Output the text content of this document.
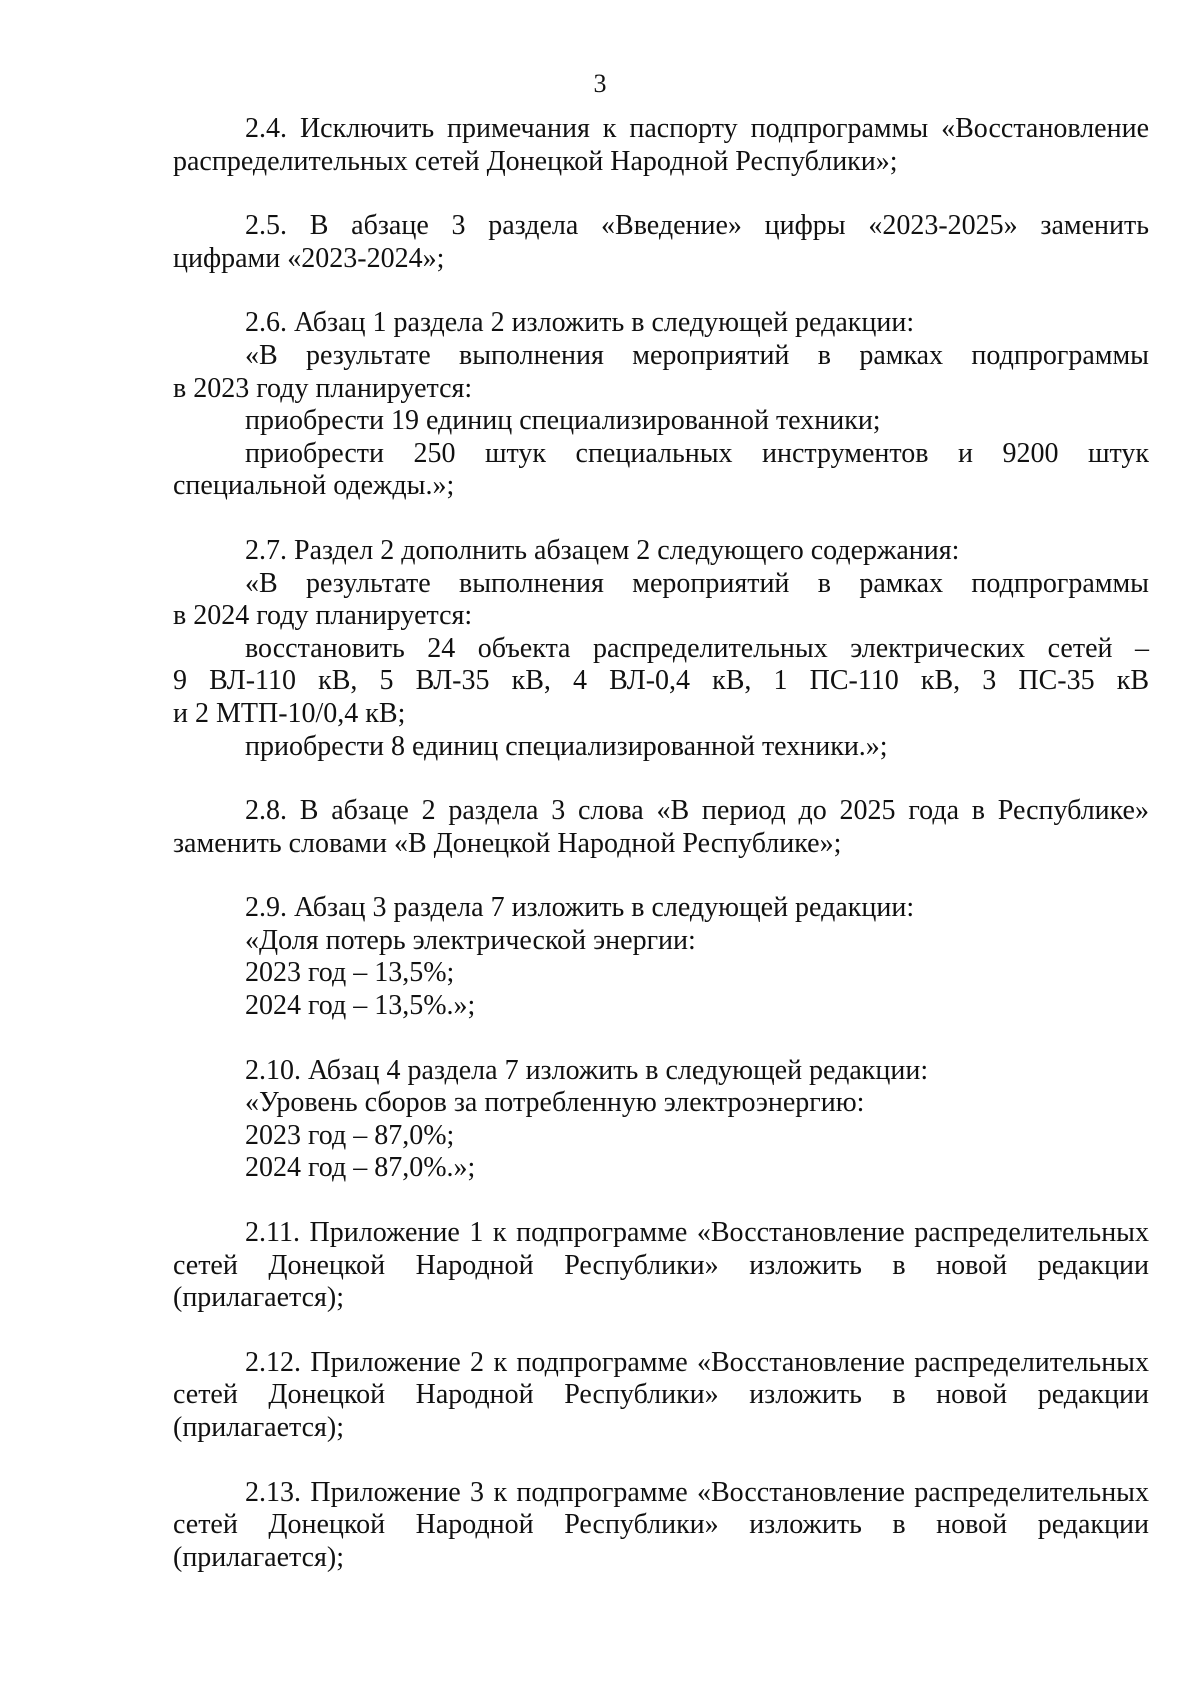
3

2.4. Исключить примечания к паспорту подпрограммы «Восстановление

распределительных сетей Донецкой Народной Республики»;

2.5. В абзаце 3 раздела «Введение» цифры «2023-2025» заменить

цифрами «2023-2024»;

2.6. Абзац 1 раздела 2 изложить в следующей редакции:

«В результате выполнения мероприятий в рамках подпрограммы

в 2023 году планируется:

приобрести 19 единиц специализированной техники;

приобрести 250 штук специальных инструментов и 9200 штук

специальной одежды.»;

2.7. Раздел 2 дополнить абзацем 2 следующего содержания:

«В результате выполнения мероприятий в рамках подпрограммы

в 2024 году планируется:

восстановить 24 объекта распределительных электрических сетей –

9 ВЛ-110 кВ, 5 ВЛ-35 кВ, 4 ВЛ-0,4 кВ, 1 ПС-110 кВ, 3 ПС-35 кВ

и 2 МТП-10/0,4 кВ;

приобрести 8 единиц специализированной техники.»;

2.8. В абзаце 2 раздела 3 слова «В период до 2025 года в Республике»

заменить словами «В Донецкой Народной Республике»;

2.9. Абзац 3 раздела 7 изложить в следующей редакции:

«Доля потерь электрической энергии:

2023 год – 13,5%;

2024 год – 13,5%.»;

2.10. Абзац 4 раздела 7 изложить в следующей редакции:

«Уровень сборов за потребленную электроэнергию:

2023 год – 87,0%;

2024 год – 87,0%.»;

2.11. Приложение 1 к подпрограмме «Восстановление распределительных

сетей Донецкой Народной Республики» изложить в новой редакции

(прилагается);

2.12. Приложение 2 к подпрограмме «Восстановление распределительных

сетей Донецкой Народной Республики» изложить в новой редакции

(прилагается);

2.13. Приложение 3 к подпрограмме «Восстановление распределительных

сетей Донецкой Народной Республики» изложить в новой редакции

(прилагается);
